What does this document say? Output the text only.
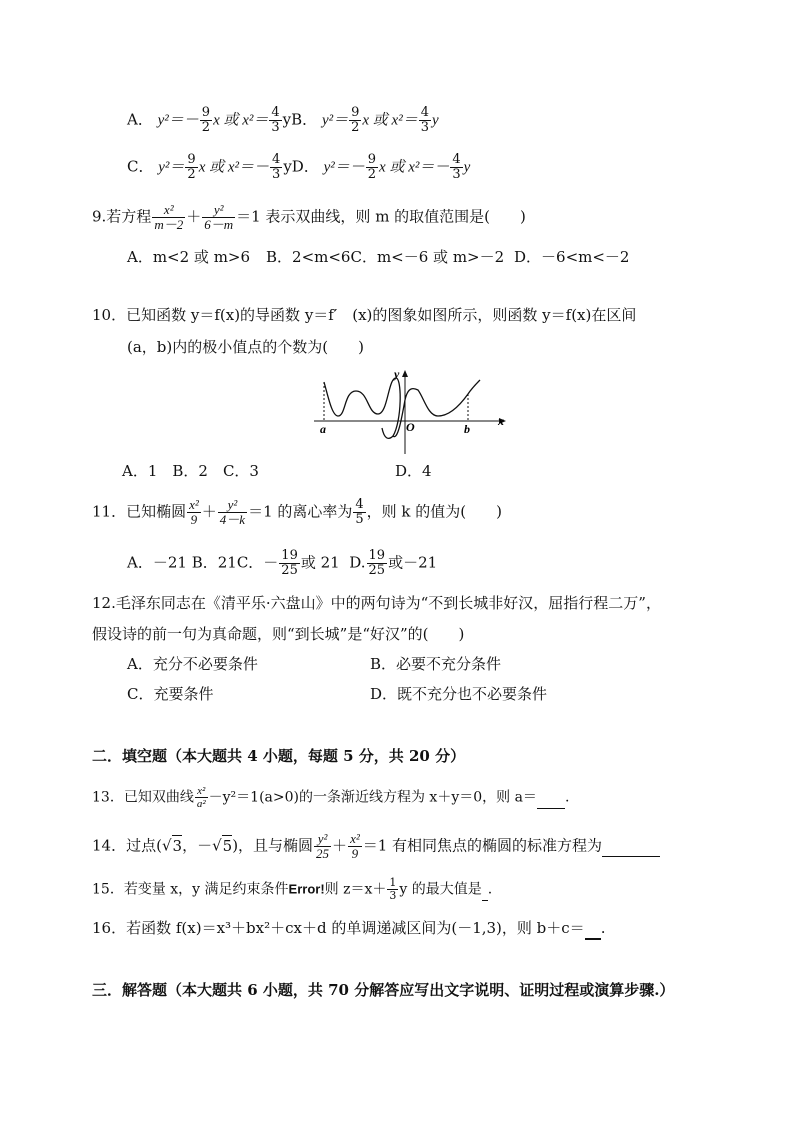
A． $y^2=- \frac{9}{2}$ x 或 $x^2= \frac{4}{3}$ yB． $y^2= \frac{9}{2}$ x 或 $x^2= \frac{4}{3}$ y
C． $y^2= \frac{9}{2}$ x 或 $x^2=- \frac{4}{3}$ yD． $y^2=- \frac{9}{2}$ x 或 $x^2=- \frac{4}{3}$ y
9.若方程 $\frac{\text{x²}}{m-2} + \frac{\text{y²}}{6-m} =1$ 表示双曲线，则 m 的取值范围是(　　)
A．m<2 或 m>6 B．2<m<6C．m<－6 或 m>－2 D．－6<m<－2
10．已知函数 y＝f(x)的导函数 y＝f′　(x)的图象如图所示，则函数 y＝f(x)在区间
(a，b)内的极小值点的个数为(　　)
y
x
a	O	b
A．1　B．2　C．3	D．4
11．已知椭圆 $\frac{\text{x²}}{9} + \frac{\text{y²}}{4-k} =1$ 的离心率为 $\frac{4}{5}$ ，则 k 的值为(　　)
A．－21 B．21C．－ $\frac{19}{25}$ 或 21 D. $\frac{19}{25}$ 或－21
12.毛泽东同志在《清平乐·六盘山》中的两句诗为“不到长城非好汉，屈指行程二万”，
假设诗的前一句为真命题，则“到长城”是“好汉”的(　　)
A．充分不必要条件	B．必要不充分条件
C．充要条件	D．既不充分也不必要条件
二．填空题（本大题共 4 小题，每题 5 分，共 20 分）
13．已知双曲线 $\frac{\text{x²}}{\text{a²}} -y^2=1(a>0)$的一条渐近线方程为 x＋y＝0，则 a＝ .
14．过点(√3，－√5)，且与椭圆 $\frac{\text{y²}}{25} + \frac{\text{x²}}{9} =1$ 有相同焦点的椭圆的标准方程为
15．若变量 x，y 满足约束条件Error!则 $z=x+ \frac{1}{3}$ y 的最大值是 .
16．若函数 f(x)＝x³＋bx²＋cx＋d 的单调递减区间为(－1,3)，则 b＋c＝ .
三．解答题（本大题共 6 小题，共 70 分解答应写出文字说明、证明过程或演算步骤.）
